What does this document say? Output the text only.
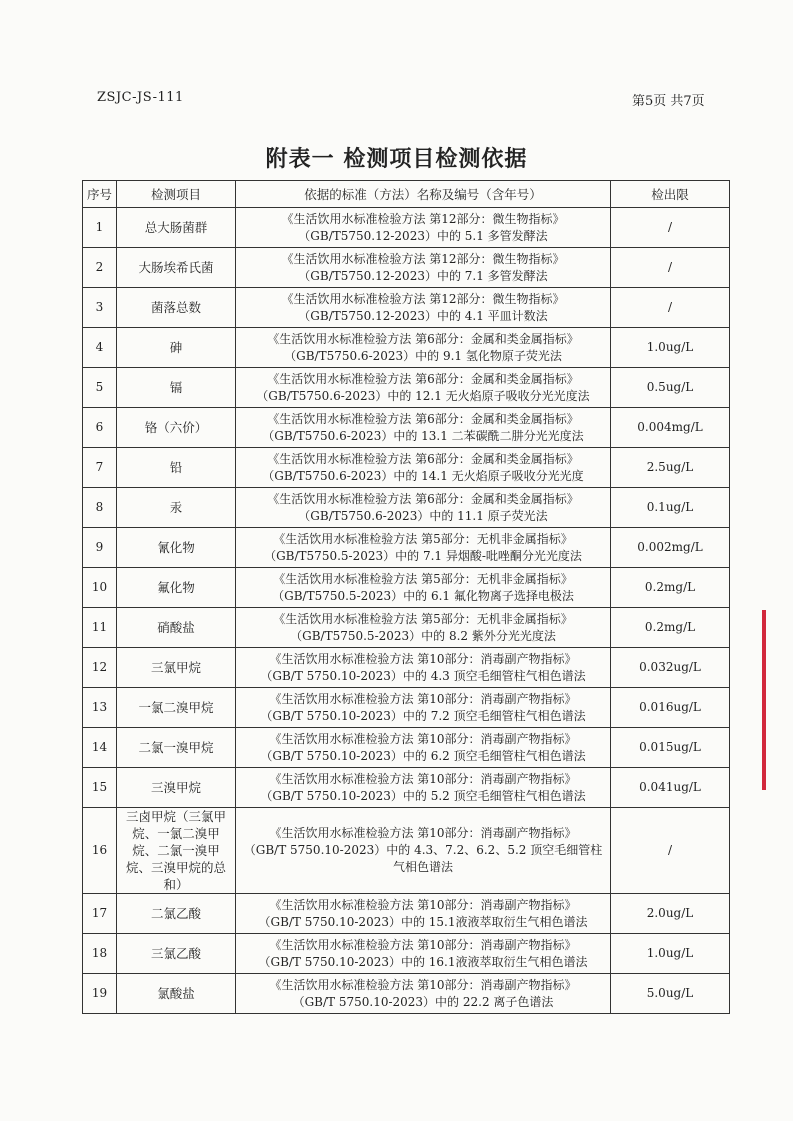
ZSJC-JS-111	第5页 共7页
附表一 检测项目检测依据
序号	检测项目	依据的标准（方法）名称及编号（含年号）	检出限
1	总大肠菌群	《生活饮用水标准检验方法 第12部分：微生物指标》
（GB/T5750.12-2023）中的 5.1 多管发酵法	/
2	大肠埃希氏菌	《生活饮用水标准检验方法 第12部分：微生物指标》
（GB/T5750.12-2023）中的 7.1 多管发酵法	/
3	菌落总数	《生活饮用水标准检验方法 第12部分：微生物指标》
（GB/T5750.12-2023）中的 4.1 平皿计数法	/
4	砷	《生活饮用水标准检验方法 第6部分：金属和类金属指标》
（GB/T5750.6-2023）中的 9.1 氢化物原子荧光法	1.0ug/L
5	镉	《生活饮用水标准检验方法 第6部分：金属和类金属指标》
（GB/T5750.6-2023）中的 12.1 无火焰原子吸收分光光度法	0.5ug/L
6	铬（六价）	《生活饮用水标准检验方法 第6部分：金属和类金属指标》
（GB/T5750.6-2023）中的 13.1 二苯碳酰二肼分光光度法	0.004mg/L
7	铅	《生活饮用水标准检验方法 第6部分：金属和类金属指标》
（GB/T5750.6-2023）中的 14.1 无火焰原子吸收分光光度	2.5ug/L
8	汞	《生活饮用水标准检验方法 第6部分：金属和类金属指标》
（GB/T5750.6-2023）中的 11.1 原子荧光法	0.1ug/L
9	氰化物	《生活饮用水标准检验方法 第5部分：无机非金属指标》
（GB/T5750.5-2023）中的 7.1 异烟酸-吡唑酮分光光度法	0.002mg/L
10	氟化物	《生活饮用水标准检验方法 第5部分：无机非金属指标》
（GB/T5750.5-2023）中的 6.1 氟化物离子选择电极法	0.2mg/L
11	硝酸盐	《生活饮用水标准检验方法 第5部分：无机非金属指标》
（GB/T5750.5-2023）中的 8.2 紫外分光光度法	0.2mg/L
12	三氯甲烷	《生活饮用水标准检验方法 第10部分：消毒副产物指标》
（GB/T 5750.10-2023）中的 4.3 顶空毛细管柱气相色谱法	0.032ug/L
13	一氯二溴甲烷	《生活饮用水标准检验方法 第10部分：消毒副产物指标》
（GB/T 5750.10-2023）中的 7.2 顶空毛细管柱气相色谱法	0.016ug/L
14	二氯一溴甲烷	《生活饮用水标准检验方法 第10部分：消毒副产物指标》
（GB/T 5750.10-2023）中的 6.2 顶空毛细管柱气相色谱法	0.015ug/L
15	三溴甲烷	《生活饮用水标准检验方法 第10部分：消毒副产物指标》
（GB/T 5750.10-2023）中的 5.2 顶空毛细管柱气相色谱法	0.041ug/L
16	三卤甲烷（三氯甲烷、一氯二溴甲烷、二氯一溴甲烷、三溴甲烷的总和）	《生活饮用水标准检验方法 第10部分：消毒副产物指标》
（GB/T 5750.10-2023）中的 4.3、7.2、6.2、5.2 顶空毛细管柱气相色谱法	/
17	二氯乙酸	《生活饮用水标准检验方法 第10部分：消毒副产物指标》
（GB/T 5750.10-2023）中的 15.1液液萃取衍生气相色谱法	2.0ug/L
18	三氯乙酸	《生活饮用水标准检验方法 第10部分：消毒副产物指标》
（GB/T 5750.10-2023）中的 16.1液液萃取衍生气相色谱法	1.0ug/L
19	氯酸盐	《生活饮用水标准检验方法 第10部分：消毒副产物指标》
（GB/T 5750.10-2023）中的 22.2 离子色谱法	5.0ug/L
